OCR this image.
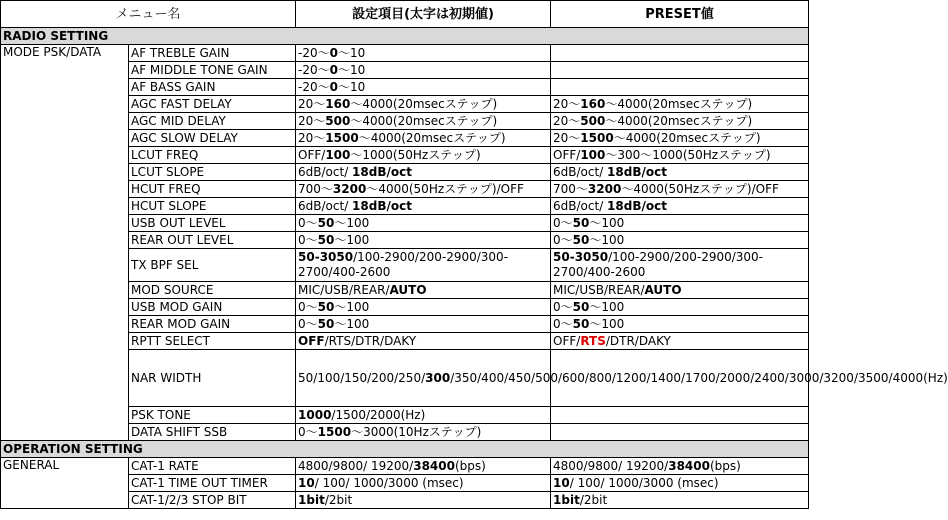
メニュー名		設定項目(太字は初期値)	PRESET値
RADIO SETTING			
MODE PSK/DATA	AF TREBLE GAIN	-20～0～10	
	AF MIDDLE TONE GAIN	-20～0～10	
	AF BASS GAIN	-20～0～10	
	AGC FAST DELAY	20～160～4000(20msecステップ)	20～160～4000(20msecステップ)
	AGC MID DELAY	20～500～4000(20msecステップ)	20～500～4000(20msecステップ)
	AGC SLOW DELAY	20～1500～4000(20msecステップ)	20～1500～4000(20msecステップ)
	LCUT FREQ	OFF/100～1000(50Hzステップ)	OFF/100～300～1000(50Hzステップ)
	LCUT SLOPE	6dB/oct/ 18dB/oct	6dB/oct/ 18dB/oct
	HCUT FREQ	700～3200～4000(50Hzステップ)/OFF	700～3200～4000(50Hzステップ)/OFF
	HCUT SLOPE	6dB/oct/ 18dB/oct	6dB/oct/ 18dB/oct
	USB OUT LEVEL	0～50～100	0～50～100
	REAR OUT LEVEL	0～50～100	0～50～100
	TX BPF SEL	50-3050/100-2900/200-2900/300-2700/400-2600	50-3050/100-2900/200-2900/300-2700/400-2600
	MOD SOURCE	MIC/USB/REAR/AUTO	MIC/USB/REAR/AUTO
	USB MOD GAIN	0～50～100	0～50～100
	REAR MOD GAIN	0～50～100	0～50～100
	RPTT SELECT	OFF/RTS/DTR/DAKY	OFF/RTS/DTR/DAKY
	NAR WIDTH	50/100/150/200/250/300/350/400/450/500/600/800/1200/1400/1700/2000/2400/3000/3200/3500/4000(Hz)	
	PSK TONE	1000/1500/2000(Hz)	
	DATA SHIFT SSB	0～1500～3000(10Hzステップ)	
OPERATION SETTING			
GENERAL	CAT-1 RATE	4800/9800/ 19200/38400(bps)	4800/9800/ 19200/38400(bps)
	CAT-1 TIME OUT TIMER	10/ 100/ 1000/3000 (msec)	10/ 100/ 1000/3000 (msec)
	CAT-1/2/3 STOP BIT	1bit/2bit	1bit/2bit
